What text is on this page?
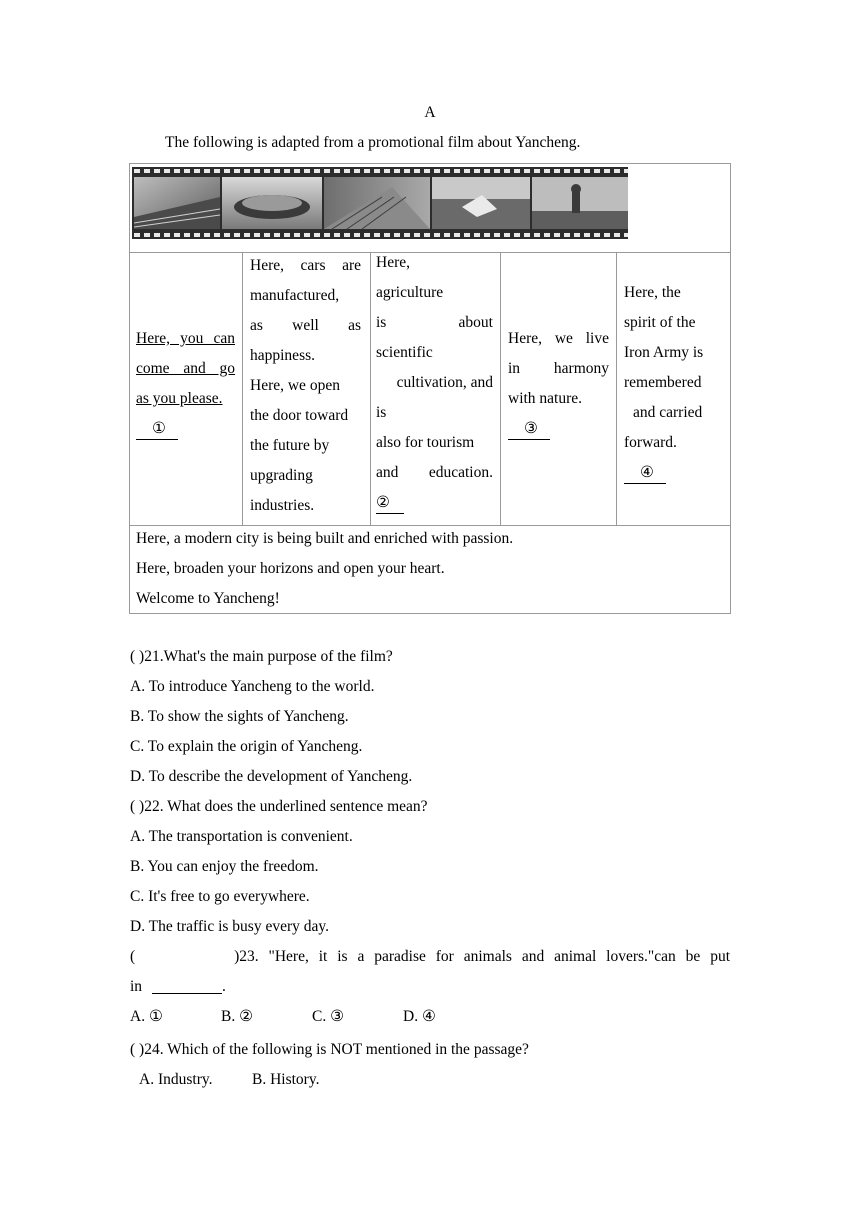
A
The following is adapted from a promotional film about Yancheng.
Here, you can
come and go
as you please.
①
Here, cars are
manufactured,
as well as
happiness.
Here, we open
the door toward
the future by
upgrading
industries.
Here,
agriculture
is about
scientific
cultivation, and
is
also for tourism
and education.
②
Here, we live
in harmony
with nature.
③
Here, the
spirit of the
Iron Army is
remembered
and carried
forward.
④
Here, a modern city is being built and enriched with passion.
Here, broaden your horizons and open your heart.
Welcome to Yancheng!
( )21.What's the main purpose of the film?
A. To introduce Yancheng to the world.
B. To show the sights of Yancheng.
C. To explain the origin of Yancheng.
D. To describe the development of Yancheng.
( )22. What does the underlined sentence mean?
A. The transportation is convenient.
B. You can enjoy the freedom.
C. It's free to go everywhere.
D. The traffic is busy every day.
(          )23. "Here, it is a paradise for animals and animal lovers."can be put
in	.
A. ①	B. ②	C. ③	D. ④
( )24. Which of the following is NOT mentioned in the passage?
A. Industry.	B. History.
